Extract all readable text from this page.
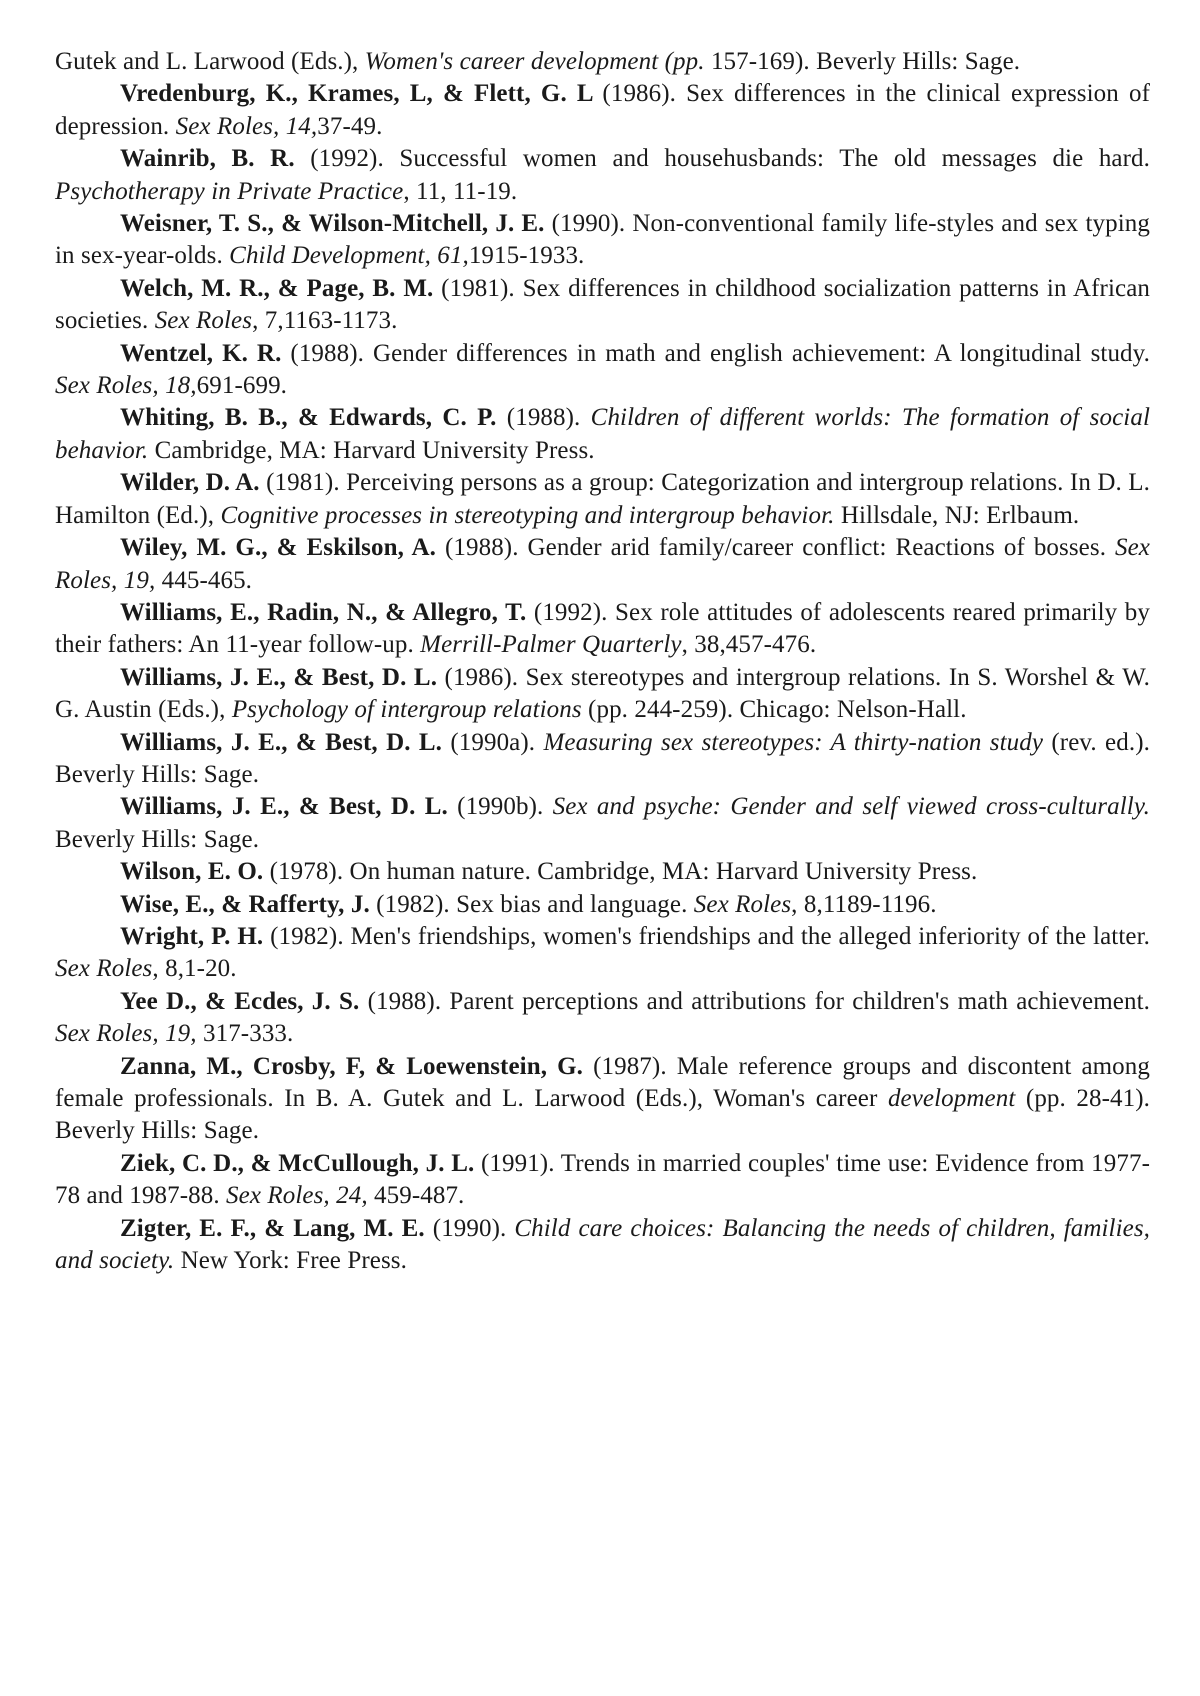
Gutek and L. Larwood (Eds.), Women's career development (pp. 157-169). Beverly Hills: Sage.

Vredenburg, K., Krames, L, & Flett, G. L (1986). Sex differences in the clinical expression of depression. Sex Roles, 14,37-49.

Wainrib, B. R. (1992). Successful women and househusbands: The old messages die hard. Psychotherapy in Private Practice, 11, 11-19.

Weisner, T. S., & Wilson-Mitchell, J. E. (1990). Non-conventional family life-styles and sex typing in sex-year-olds. Child Development, 61,1915-1933.

Welch, M. R., & Page, B. M. (1981). Sex differences in childhood socialization patterns in African societies. Sex Roles, 7,1163-1173.

Wentzel, K. R. (1988). Gender differences in math and english achievement: A longitudinal study. Sex Roles, 18,691-699.

Whiting, B. B., & Edwards, C. P. (1988). Children of different worlds: The formation of social behavior. Cambridge, MA: Harvard University Press.

Wilder, D. A. (1981). Perceiving persons as a group: Categorization and intergroup relations. In D. L. Hamilton (Ed.), Cognitive processes in stereotyping and intergroup behavior. Hillsdale, NJ: Erlbaum.

Wiley, M. G., & Eskilson, A. (1988). Gender arid family/career conflict: Reactions of bosses. Sex Roles, 19, 445-465.

Williams, E., Radin, N., & Allegro, T. (1992). Sex role attitudes of adolescents reared primarily by their fathers: An 11-year follow-up. Merrill-Palmer Quarterly, 38,457-476.

Williams, J. E., & Best, D. L. (1986). Sex stereotypes and intergroup relations. In S. Worshel & W. G. Austin (Eds.), Psychology of intergroup relations (pp. 244-259). Chicago: Nelson-Hall.

Williams, J. E., & Best, D. L. (1990a). Measuring sex stereotypes: A thirty-nation study (rev. ed.). Beverly Hills: Sage.

Williams, J. E., & Best, D. L. (1990b). Sex and psyche: Gender and self viewed cross-culturally. Beverly Hills: Sage.

Wilson, E. O. (1978). On human nature. Cambridge, MA: Harvard University Press.

Wise, E., & Rafferty, J. (1982). Sex bias and language. Sex Roles, 8,1189-1196.

Wright, P. H. (1982). Men's friendships, women's friendships and the alleged inferiority of the latter. Sex Roles, 8,1-20.

Yee D., & Ecdes, J. S. (1988). Parent perceptions and attributions for children's math achievement. Sex Roles, 19, 317-333.

Zanna, M., Crosby, F, & Loewenstein, G. (1987). Male reference groups and discontent among female professionals. In B. A. Gutek and L. Larwood (Eds.), Woman's career development (pp. 28-41). Beverly Hills: Sage.

Ziek, C. D., & McCullough, J. L. (1991). Trends in married couples' time use: Evidence from 1977-78 and 1987-88. Sex Roles, 24, 459-487.

Zigter, E. F., & Lang, M. E. (1990). Child care choices: Balancing the needs of children, families, and society. New York: Free Press.
